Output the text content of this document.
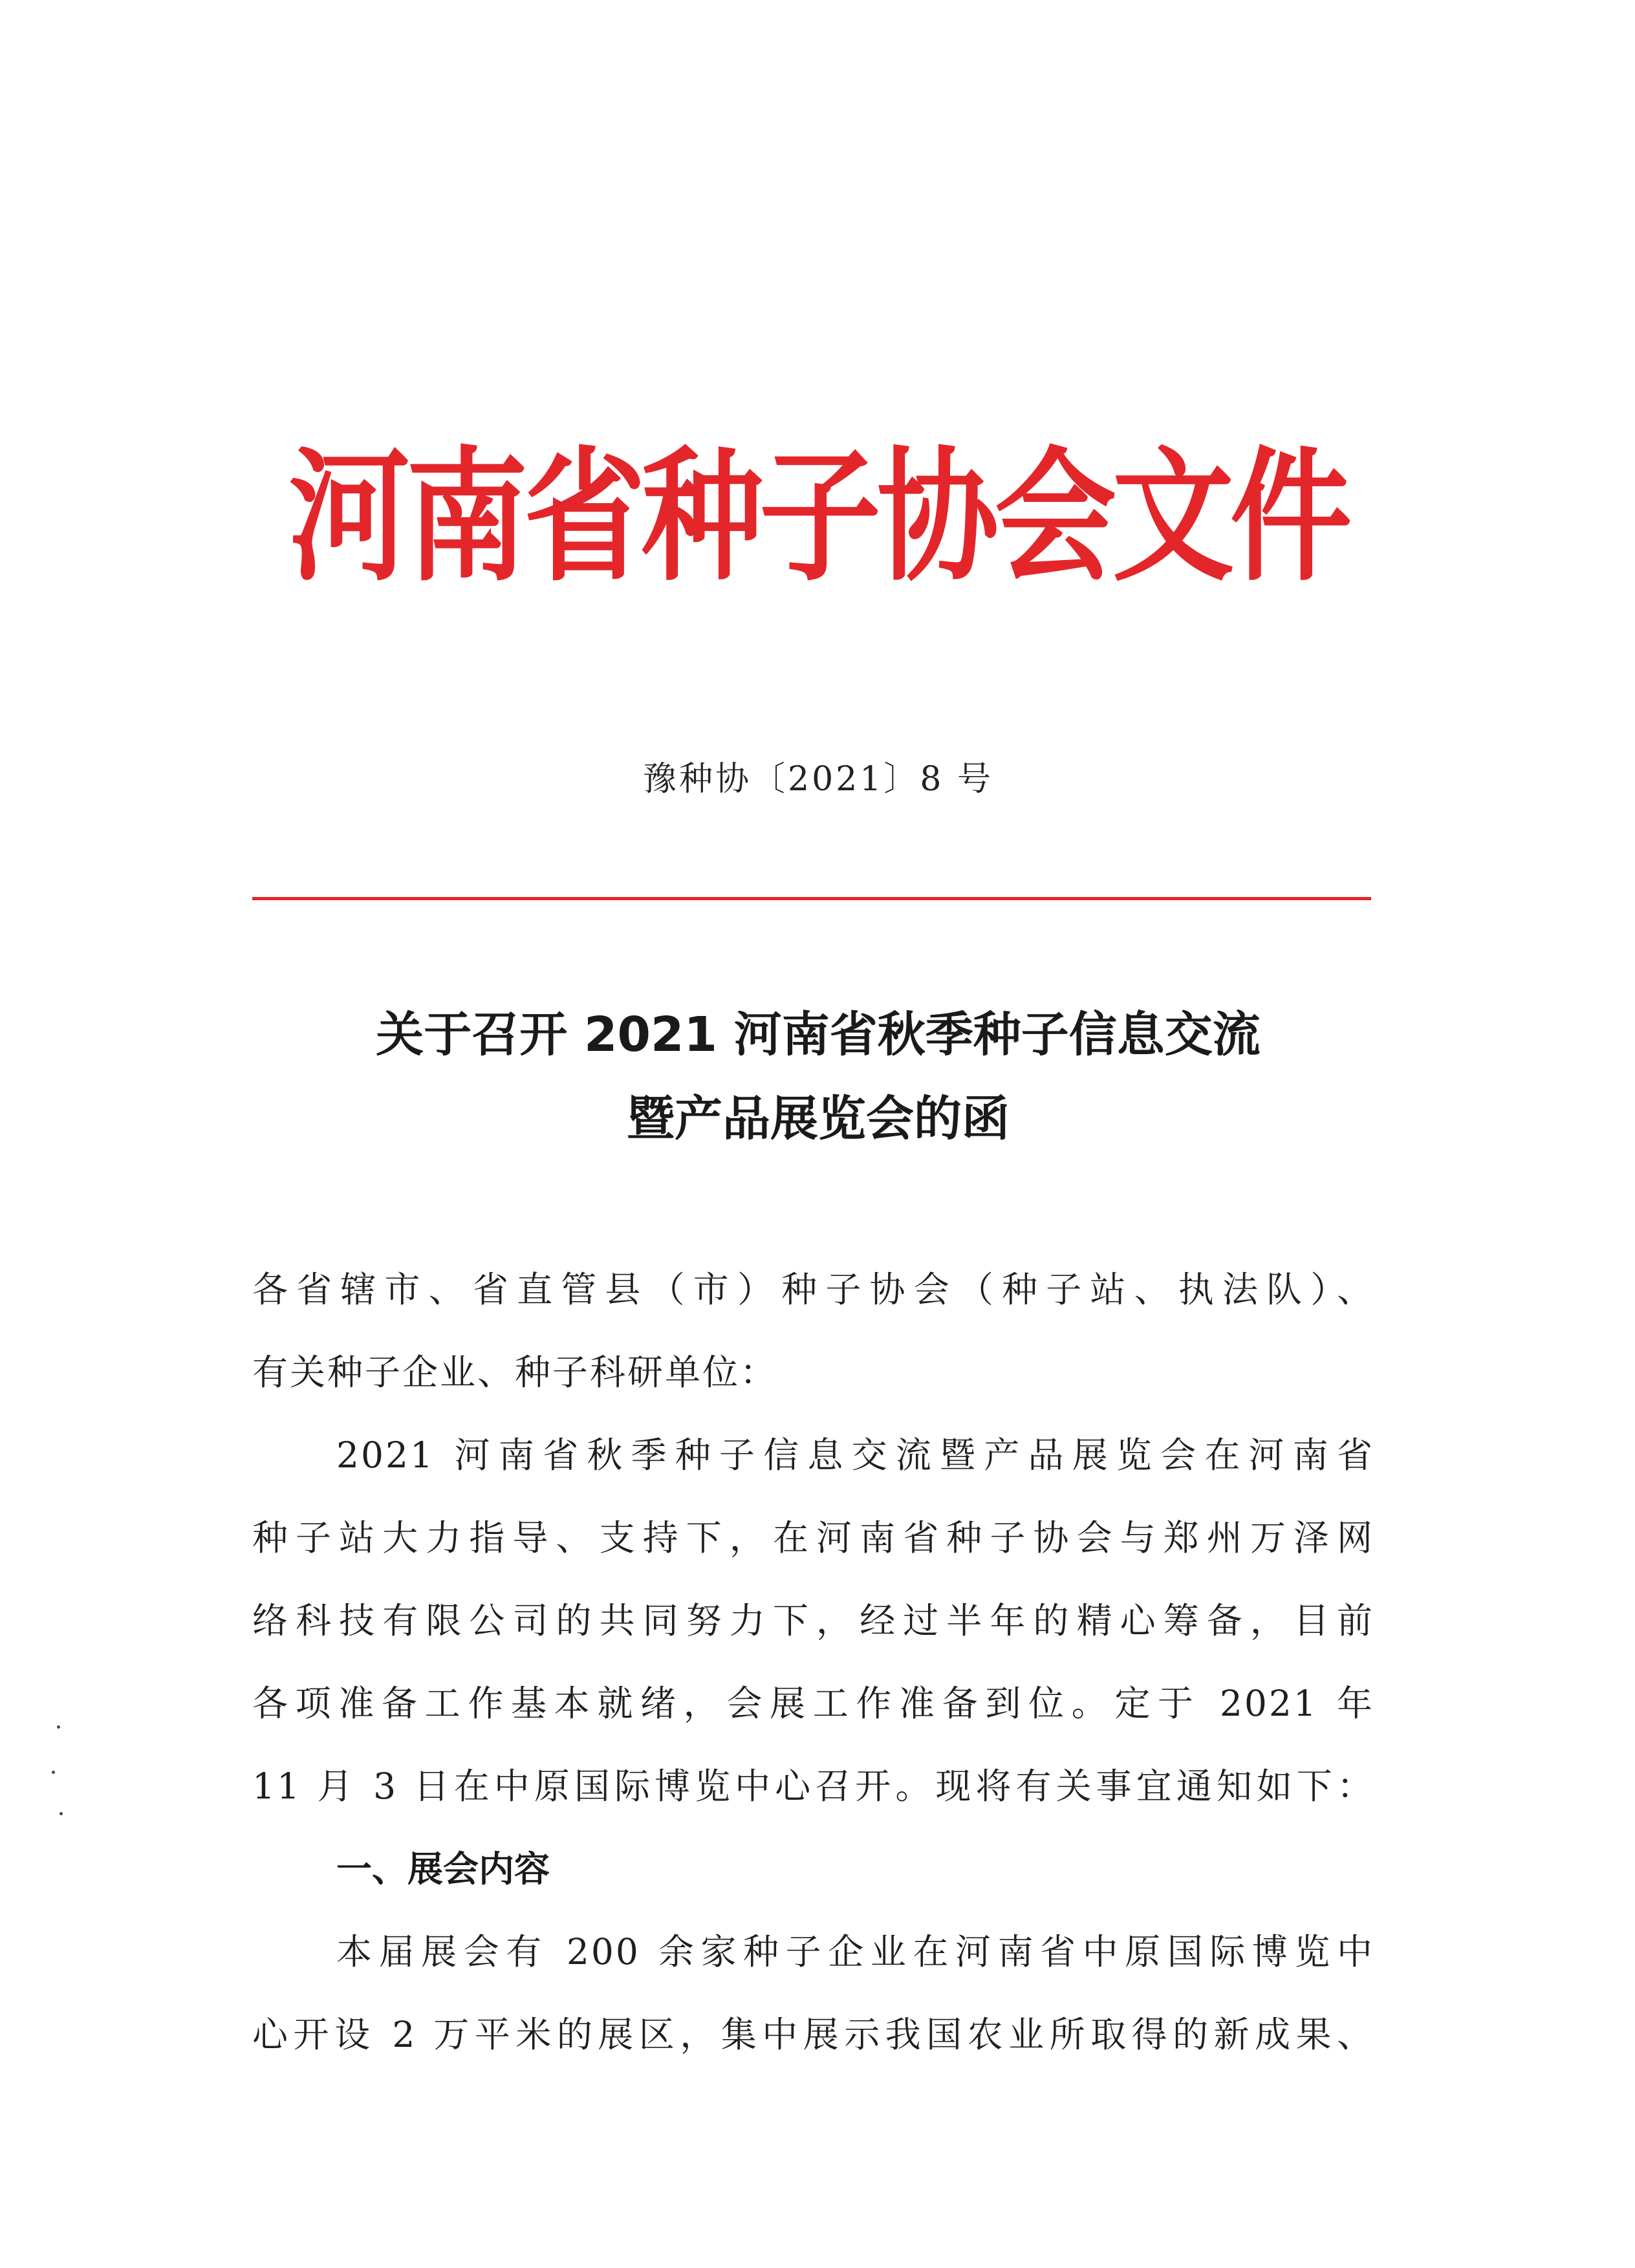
河南省种子协会文件
豫种协〔2021〕8 号
关于召开 2021 河南省秋季种子信息交流
暨产品展览会的函
各省辖市、省直管县（市）种子协会（种子站、执法队）、
有关种子企业、种子科研单位：
2021 河南省秋季种子信息交流暨产品展览会在河南省
种子站大力指导、支持下，在河南省种子协会与郑州万泽网
络科技有限公司的共同努力下，经过半年的精心筹备，目前
各项准备工作基本就绪，会展工作准备到位。定于 2021 年
11 月 3 日在中原国际博览中心召开。现将有关事宜通知如下：
一、展会内容
本届展会有 200 余家种子企业在河南省中原国际博览中
心开设 2 万平米的展区，集中展示我国农业所取得的新成果、
